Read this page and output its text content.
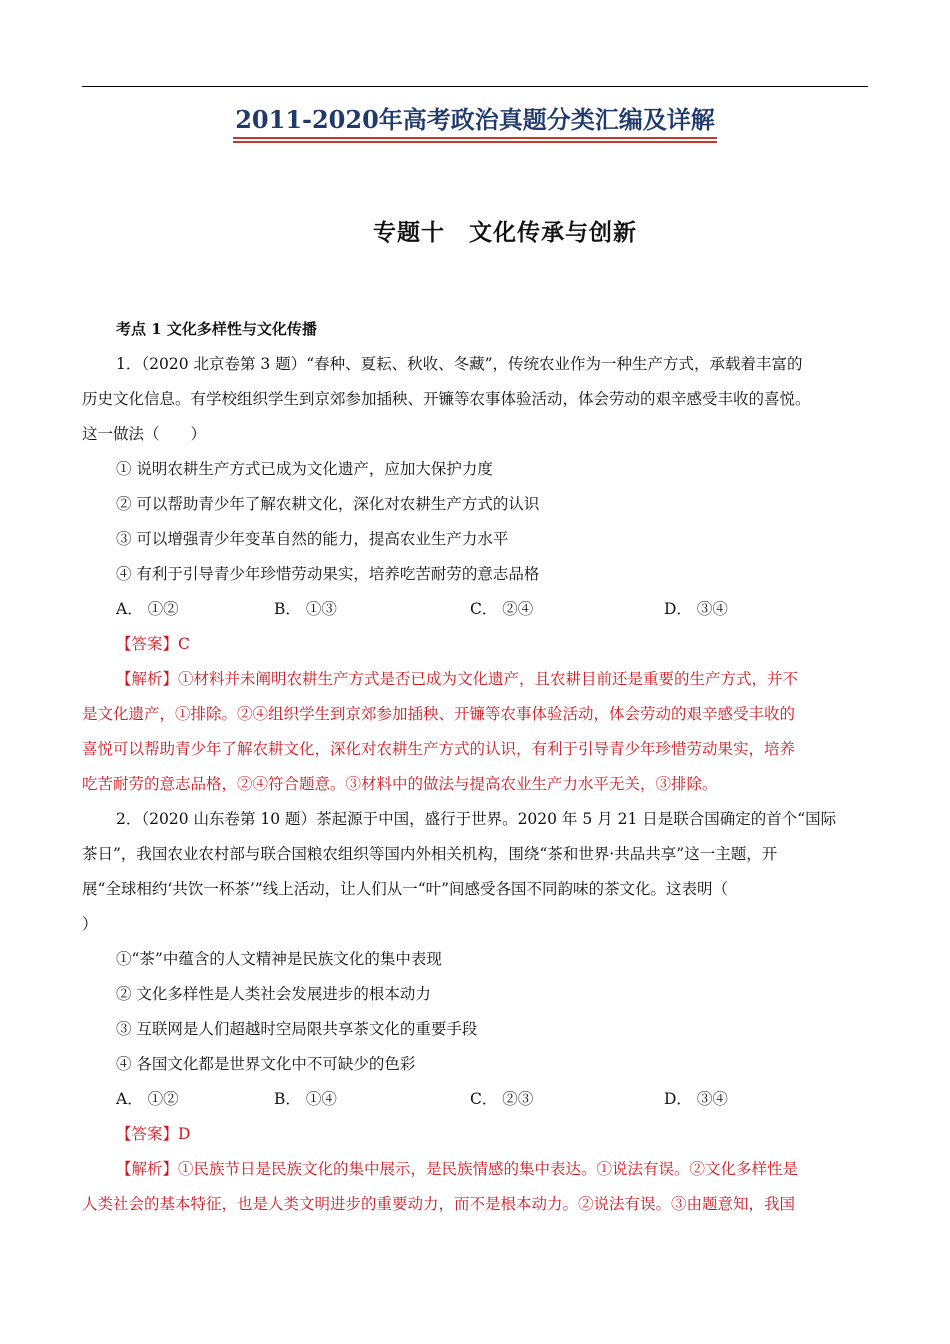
2011-2020年高考政治真题分类汇编及详解
专题十　文化传承与创新

考点 1 文化多样性与文化传播

1．（2020 北京卷第 3 题）“春种、夏耘、秋收、冬藏”，传统农业作为一种生产方式，承载着丰富的

历史文化信息。有学校组织学生到京郊参加插秧、开镰等农事体验活动，体会劳动的艰辛感受丰收的喜悦。

这一做法（　　）

① 说明农耕生产方式已成为文化遗产，应加大保护力度

② 可以帮助青少年了解农耕文化，深化对农耕生产方式的认识

③ 可以增强青少年变革自然的能力，提高农业生产力水平

④ 有利于引导青少年珍惜劳动果实，培养吃苦耐劳的意志品格

A． ①②	B． ①③	C． ②④	D． ③④

【答案】C

【解析】①材料并未阐明农耕生产方式是否已成为文化遗产，且农耕目前还是重要的生产方式，并不

是文化遗产，①排除。②④组织学生到京郊参加插秧、开镰等农事体验活动，体会劳动的艰辛感受丰收的

喜悦可以帮助青少年了解农耕文化，深化对农耕生产方式的认识，有利于引导青少年珍惜劳动果实，培养

吃苦耐劳的意志品格，②④符合题意。③材料中的做法与提高农业生产力水平无关，③排除。

2．（2020 山东卷第 10 题）茶起源于中国，盛行于世界。2020 年 5 月 21 日是联合国确定的首个“国际

茶日”，我国农业农村部与联合国粮农组织等国内外相关机构，围绕“茶和世界·共品共享”这一主题，开

展“全球相约‘共饮一杯茶’”线上活动，让人们从一“叶”间感受各国不同韵味的茶文化。这表明（

）

①“茶”中蕴含的人文精神是民族文化的集中表现

② 文化多样性是人类社会发展进步的根本动力

③ 互联网是人们超越时空局限共享茶文化的重要手段

④ 各国文化都是世界文化中不可缺少的色彩

A． ①②	B． ①④	C． ②③	D． ③④

【答案】D

【解析】①民族节日是民族文化的集中展示，是民族情感的集中表达。①说法有误。②文化多样性是

人类社会的基本特征，也是人类文明进步的重要动力，而不是根本动力。②说法有误。③由题意知，我国
